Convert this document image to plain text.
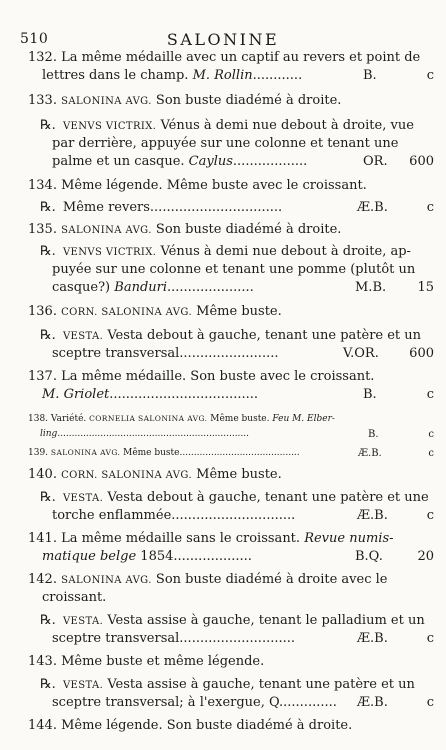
510	SALONINE
132. La même médaille avec un captif au revers et point de
lettres dans le champ. M. Rollin............	B.	c
133. SALONINA AVG. Son buste diadémé à droite.
℞. VENVS VICTRIX. Vénus à demi nue debout à droite, vue
par derrière, appuyée sur une colonne et tenant une
palme et un casque. Caylus..................	OR. 600
134. Même légende. Même buste avec le croissant.
℞. Même revers................................	Æ.B.	c
135. SALONINA AVG. Son buste diadémé à droite.
℞. VENVS VICTRIX. Vénus à demi nue debout à droite, ap-
puyée sur une colonne et tenant une pomme (plutôt un
casque?) Banduri.....................	M.B. 15
136. CORN. SALONINA AVG. Même buste.
℞. VESTA. Vesta debout à gauche, tenant une patère et un
sceptre transversal........................	V.OR. 600
137. La même médaille. Son buste avec le croissant.
M. Griolet....................................	B.	c
138. Variété. CORNELIA SALONINA AVG. Même buste. Feu M. Elber-
ling...................................................................	B.	c
139. SALONINA AVG. Même buste..........................................	Æ.B.	c
140. CORN. SALONINA AVG. Même buste.
℞. VESTA. Vesta debout à gauche, tenant une patère et une
torche enflammée..............................	Æ.B.	c
141. La même médaille sans le croissant. Revue numis-
matique belge 1854...................	B.Q.	20
142. SALONINA AVG. Son buste diadémé à droite avec le
croissant.
℞. VESTA. Vesta assise à gauche, tenant le palladium et un
sceptre transversal............................	Æ.B.	c
143. Même buste et même légende.
℞. VESTA. Vesta assise à gauche, tenant une patère et un
sceptre transversal; à l'exergue, Q.............. Æ.B.	c
144. Même légende. Son buste diadémé à droite.
